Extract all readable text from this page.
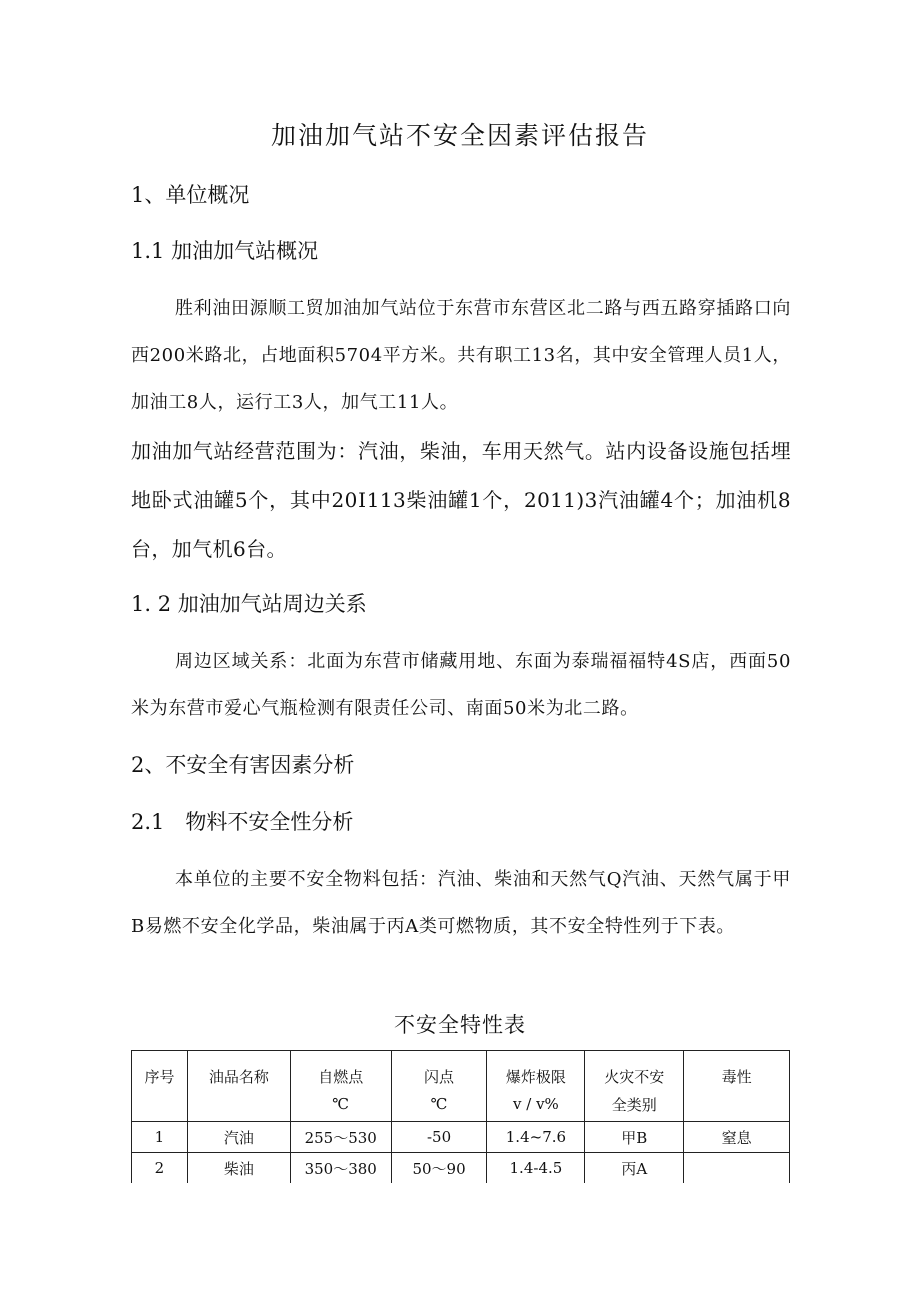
加油加气站不安全因素评估报告
1、单位概况
1.1 加油加气站概况
胜利油田源顺工贸加油加气站位于东营市东营区北二路与西五路穿插路口向西200米路北，占地面积5704平方米。共有职工13名，其中安全管理人员1人，加油工8人，运行工3人，加气工11人。
加油加气站经营范围为：汽油，柴油，车用天然气。站内设备设施包括埋地卧式油罐5个，其中20Ⅰ113柴油罐1个，2011)3汽油罐4个；加油机8台，加气机6台。
1. 2 加油加气站周边关系
周边区域关系：北面为东营市储藏用地、东面为泰瑞福福特4S店，西面50米为东营市爱心气瓶检测有限责任公司、南面50米为北二路。
2、不安全有害因素分析
2.1　物料不安全性分析
本单位的主要不安全物料包括：汽油、柴油和天然气Q汽油、天然气属于甲B易燃不安全化学品，柴油属于丙A类可燃物质，其不安全特性列于下表。
不安全特性表
序号	油品名称	自燃点	闪点	爆炸极限	火灾不安	毒性
		℃	℃	v / v%	全类别	
1	汽油	255～530	-50	1.4~7.6	甲B	窒息
2	柴油	350～380	50～90	1.4-4.5	丙A	
